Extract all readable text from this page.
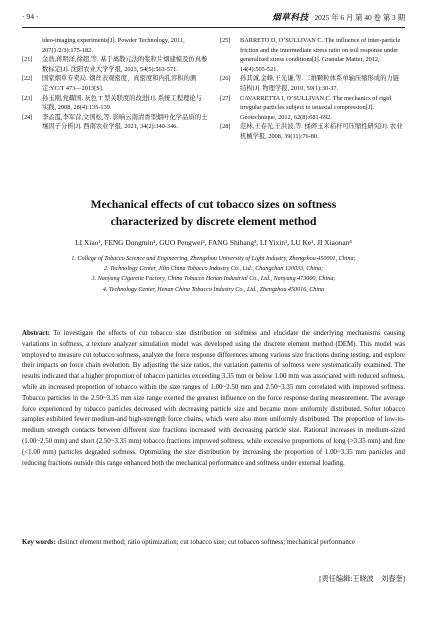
· 94 ·	烟草科技 2025 年 6 月 第 40 卷 第 3 期
ideo-imaging experiments[J]. Powder Technology, 2011, 207(1/2/3):175-182.
[21] 金浩,蒋明洋,徐超,等. 基于离散元法的浆粒片烟建模及仿真参数标定[J]. 沈阳农业大学学报, 2023, 54(5):563-571.
[22] 国家烟草专卖局. 烟丝表观密度、真密度和内孔容积的测定:YC/T 473—2013[S].
[23] 孙玉刚,党耀国. 灰色 T 型关联度的改进[J]. 系统工程理论与实践, 2008, 28(4):135-139.
[24] 李孟霞,李军营,文国松,等. 影响云南清香型烟叶化学品质的土壤因子分析[J]. 西南农业学报, 2021, 34(2):340-346.
[25] BARRETO D, O’SULLIVAN C. The influence of inter-particle friction and the intermediate stress ratio on soil response under generalised stress conditions[J]. Granular Matter, 2012, 14(4):505-521.
[26] 孙其诚,金峰,王光谦,等. 二维颗粒体系单轴压缩形成的力链结构[J]. 物理学报, 2010, 59(1):30-37.
[27] CAVARRETTA I, O’SULLIVAN C. The mechanics of rigid irregular particles subject to uniaxial compression[J]. Géotechnique, 2012, 62(8):681-692.
[28] 范林,王春光,王洪波,等. 揉碎玉米秸秆可压缩性研究[J]. 农业机械学报, 2008, 39(11):76-80.
Mechanical effects of cut tobacco sizes on softness
characterized by discrete element method
LI Xiao¹, FENG Dongmin¹, GUO Pengwei², FANG Shihang³, LI Yixin¹, LU Ke¹, JI Xiaonan⁴
1. College of Tobacco Science and Engineering, Zhengzhou University of Light Industry, Zhengzhou 450001, China;
2. Technology Center, Jilin China Tobacco Industry Co., Ltd., Changchun 130033, China;
3. Nanyang Cigarette Factory, China Tobacco Henan Industrial Co., Ltd., Nanyang 473000, China;
4. Technology Center, Henan China Tobacco Industry Co., Ltd., Zhengzhou 450016, China
Abstract: To investigate the effects of cut tobacco size distribution on softness and elucidate the underlying mechanisms causing variations in softness, a texture analyzer simulation model was developed using the discrete element method (DEM). This model was employed to measure cut tobacco softness, analyze the force response differences among various size fractions during testing, and explore their impacts on force chain evolution. By adjusting the size ratios, the variation patterns of softness were systematically examined. The results indicated that a higher proportion of tobacco particles exceeding 3.35 mm or below 1.00 mm was associated with reduced softness, while an increased proportion of tobacco within the size ranges of 1.00~2.50 mm and 2.50~3.35 mm correlated with improved softness. Tobacco particles in the 2.50~3.35 mm size range exerted the greatest influence on the force response during measurement. The average force experienced by tobacco particles decreased with decreasing particle size and became more uniformly distributed. Softer tobacco samples exhibited fewer medium-and high-strength force chains, which were also more uniformly distributed. The proportion of low-to-medium strength contacts between different size fractions increased with decreasing particle size. Rational increases in medium-sized (1.00~2.50 mm) and short (2.50~3.35 mm) tobacco fractions improved softness, while excessive proportions of long (>3.35 mm) and fine (<1.00 mm) particles degraded softness. Optimizing the size distribution by increasing the proportion of 1.00~3.35 mm particles and reducing fractions outside this range enhanced both the mechanical performance and softness under external loading.
Key words: distinct element method; ratio optimization; cut tobacco size; cut tobacco softness; mechanical performance
[责任编辑:王晓波　刘春奎]
